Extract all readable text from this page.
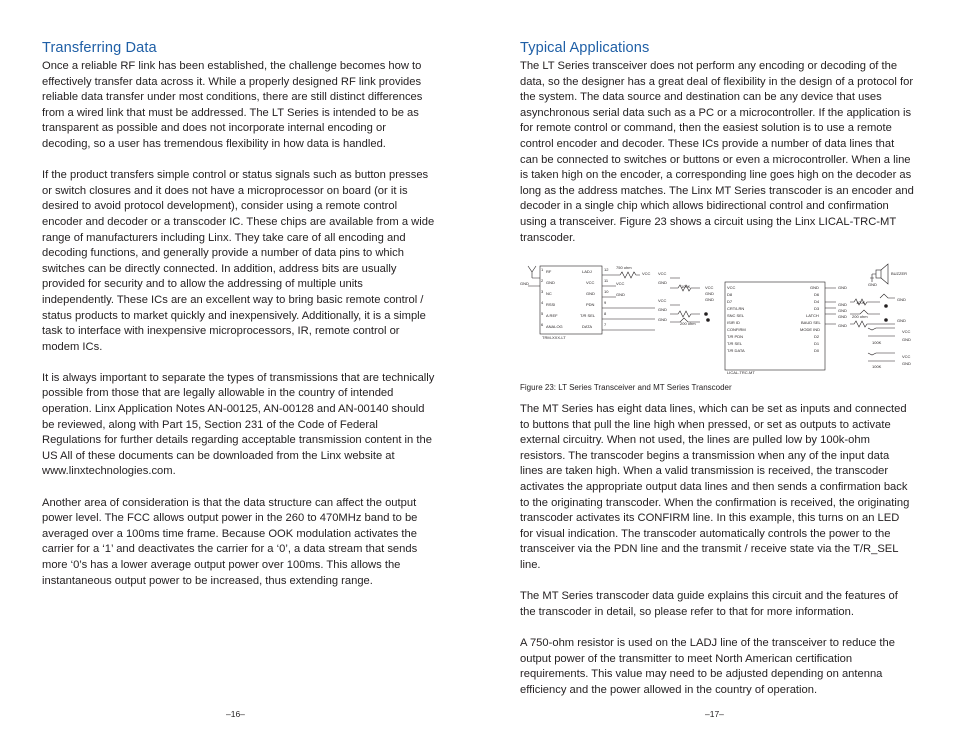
Transferring Data

Once a reliable RF link has been established, the challenge becomes how to effectively transfer data across it. While a properly designed RF link provides reliable data transfer under most conditions, there are still distinct differences from a wired link that must be addressed. The LT Series is intended to be as transparent as possible and does not incorporate internal encoding or decoding, so a user has tremendous flexibility in how data is handled.

If the product transfers simple control or status signals such as button presses or switch closures and it does not have a microprocessor on board (or it is desired to avoid protocol development), consider using a remote control encoder and decoder or a transcoder IC. These chips are available from a wide range of manufacturers including Linx. They take care of all encoding and decoding functions, and generally provide a number of data pins to which switches can be directly connected. In addition, address bits are usually provided for security and to allow the addressing of multiple units independently. These ICs are an excellent way to bring basic remote control / status products to market quickly and inexpensively. Additionally, it is a simple task to interface with inexpensive microprocessors, IR, remote control or modem ICs.

It is always important to separate the types of transmissions that are technically possible from those that are legally allowable in the country of intended operation. Linx Application Notes AN-00125, AN-00128 and AN-00140 should be reviewed, along with Part 15, Section 231 of the Code of Federal Regulations for further details regarding acceptable transmission content in the US All of these documents can be downloaded from the Linx website at www.linxtechnologies.com.

Another area of consideration is that the data structure can affect the output power level. The FCC allows output power in the 260 to 470MHz band to be averaged over a 100ms time frame. Because OOK modulation activates the carrier for a ‘1’ and deactivates the carrier for a ‘0’, a data stream that sends more ‘0’s has a lower average output power over 100ms. This allows the instantaneous output power to be increased, thus extending range.

Typical Applications

The LT Series transceiver does not perform any encoding or decoding of the data, so the designer has a great deal of flexibility in the design of a protocol for the system. The data source and destination can be any device that uses asynchronous serial data such as a PC or a microcontroller. If the application is for remote control or command, then the easiest solution is to use a remote control encoder and decoder. These ICs provide a number of data lines that can be connected to switches or buttons or even a microcontroller. When a line is taken high on the encoder, a corresponding line goes high on the decoder as long as the address matches. The Linx MT Series transcoder is an encoder and decoder in a single chip which allows bidirectional control and confirmation using a transceiver. Figure 23 shows a circuit using the Linx LICAL-TRC-MT transcoder.

TRM-XXX-LT
RF
GND
NC
RSSI
A REF
ANALOG
LADJ
VCC
GND
PDN
T/R SEL
DATA
1
2
3
4
5
6
12
11
10
9
8
7
GND
750 ohm
VCC
VCC
GND
VCC
GND
100K
VCC
GND
GND
200 ohm
LICAL-TRC-MT
VCC
D8
D7
CRT/LRN
SNC SEL
ISIR ID
CONFIRM
T/R PDN
T/R SEL
T/R DATA
GND
D6
D4
D3
LATCH
BAUD SEL
MODE IND
D2
D1
D0
VCC
GND
GND
GND
GND
GND
GND
GND
GND
GND
GND
VCC
GND
VCC
GND
100K
200 ohm
100K
100K
BUZZER
Figure 23: LT Series Transceiver and MT Series Transcoder

The MT Series has eight data lines, which can be set as inputs and connected to buttons that pull the line high when pressed, or set as outputs to activate external circuitry. When not used, the lines are pulled low by 100k-ohm resistors. The transcoder begins a transmission when any of the input data lines are taken high. When a valid transmission is received, the transcoder activates the appropriate output data lines and then sends a confirmation back to the originating transcoder. When the confirmation is received, the originating transcoder activates its CONFIRM line. In this example, this turns on an LED for visual indication. The transcoder automatically controls the power to the transceiver via the PDN line and the transmit / receive state via the T/R_SEL line.

The MT Series transcoder data guide explains this circuit and the features of the transcoder in detail, so please refer to that for more information.

A 750-ohm resistor is used on the LADJ line of the transceiver to reduce the output power of the transmitter to meet North American certification requirements. This value may need to be adjusted depending on antenna efficiency and the power allowed in the country of operation.

–16–	–17–
